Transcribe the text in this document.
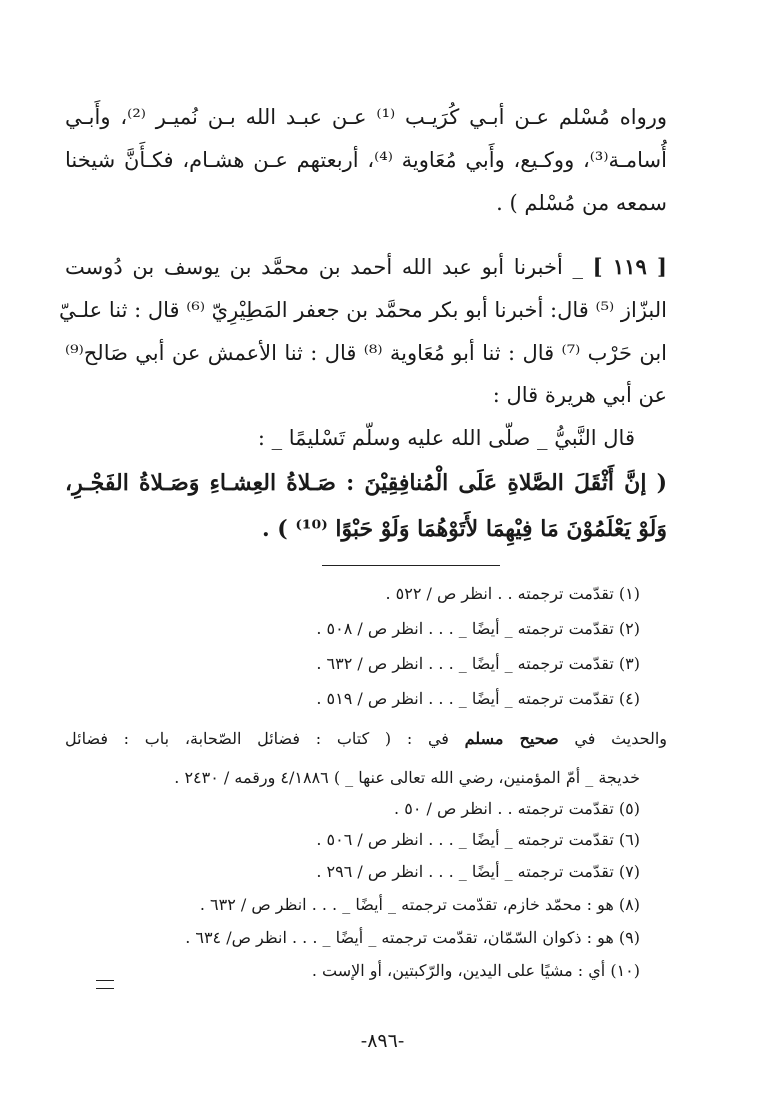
ورواه مُسْلم عـن أبـي كُرَيـب ⁽¹⁾ عـن عبـد الله بـن نُميـر ⁽²⁾، وأَبـي
أُسامـة⁽³⁾، ووكـيع، وأَبي مُعَاوية ⁽⁴⁾، أربعتهم عـن هشـام، فكـأَنَّ شيخنا
سمعه من مُسْلم ) .
[ ١١٩ ] _ أخبرنا أبو عبد الله أحمد بن محمَّد بن يوسف بن دُوست
البزّاز ⁽⁵⁾ قال: أخبرنا أبو بكر محمَّد بن جعفر المَطِيْرِيّ ⁽⁶⁾ قال : ثنا علـيّ
ابن حَرْب ⁽⁷⁾ قال : ثنا أبو مُعَاوية ⁽⁸⁾ قال : ثنا الأعمش عن أبي صَالح⁽⁹⁾
عن أبي هريرة قال :
قال النَّبيُّ _ صلّى الله عليه وسلّم تَسْليمًا _ :
( إنَّ أَثْقَلَ الصَّلاةِ عَلَى الْمُنافِقِيْنَ : صَـلاةُ العِشـاءِ وَصَـلاةُ الفَجْـرِ،
وَلَوْ يَعْلَمُوْنَ مَا فِيْهِمَا لأَتَوْهُمَا وَلَوْ حَبْوًا ⁽¹⁰⁾ ) .
(١) تقدّمت ترجمته . . انظر ص / ٥٢٢ .
(٢) تقدّمت ترجمته _ أيضًا _ . . . انظر ص / ٥٠٨ .
(٣) تقدّمت ترجمته _ أيضًا _ . . . انظر ص / ٦٣٢ .
(٤) تقدّمت ترجمته _ أيضًا _ . . . انظر ص / ٥١٩ .
والحديث في صحيح مسلم في : ( كتاب : فضائل الصّحابة، باب : فضائل
خديجة _ أمّ المؤمنين، رضي الله تعالى عنها _ ) ٤/١٨٨٦ ورقمه / ٢٤٣٠ .
(٥) تقدّمت ترجمته . . انظر ص / ٥٠ .
(٦) تقدّمت ترجمته _ أيضًا _ . . . انظر ص / ٥٠٦ .
(٧) تقدّمت ترجمته _ أيضًا _ . . . انظر ص / ٢٩٦ .
(٨) هو : محمّد خازم، تقدّمت ترجمته _ أيضًا _ . . . انظر ص / ٦٣٢ .
(٩) هو : ذكوان السّمّان، تقدّمت ترجمته _ أيضًا _ . . . انظر ص/ ٦٣٤ .
(١٠) أي : مشيًا على اليدين، والرّكبتين، أو الإست .
-٨٩٦-
